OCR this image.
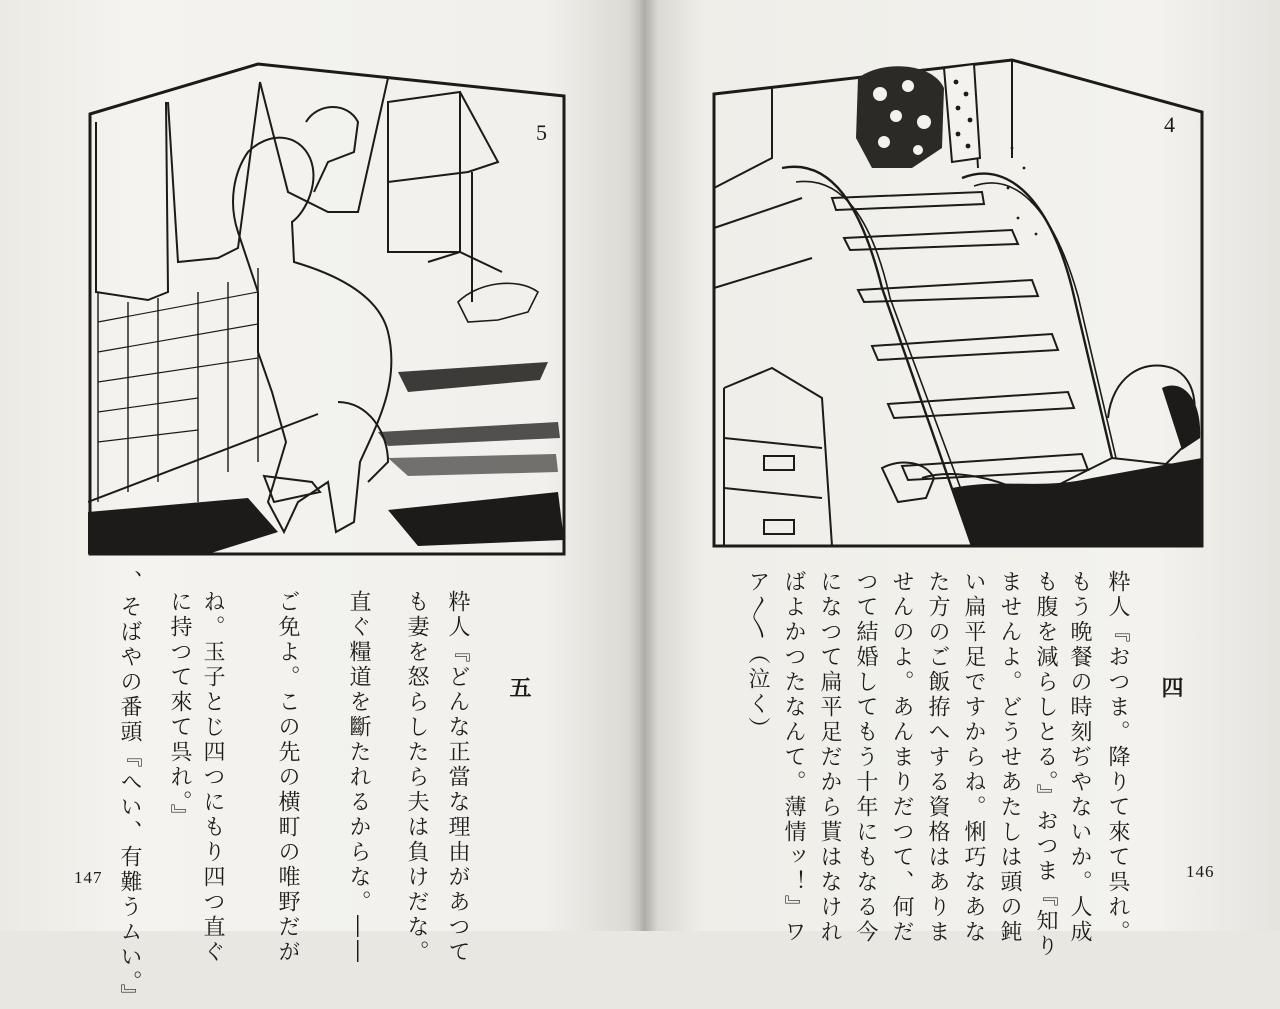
5
五
粋人『どんな正當な理由があつて
も妻を怒らしたら夫は負けだな。
直ぐ糧道を斷たれるからな。――
ご免よ。この先の横町の唯野だが
ね。玉子とじ四つにもり四つ直ぐ
に持つて來て呉れ。』
、そばやの番頭『へい、有難うムい。』
147
4
四
粋人『おつま。降りて來て呉れ。
もう晩餐の時刻ぢやないか。人成
も腹を減らしとる。』おつま『知り
ませんよ。どうせあたしは頭の鈍
い扁平足ですからね。悧巧なあな
た方のご飯拵へする資格はありま
せんのよ。あんまりだつて、何だ
つて結婚してもう十年にもなる今
になつて扁平足だから貰はなけれ
ばよかつたなんて。薄情ッ！』ワ
ア〳〵（泣く）
146
